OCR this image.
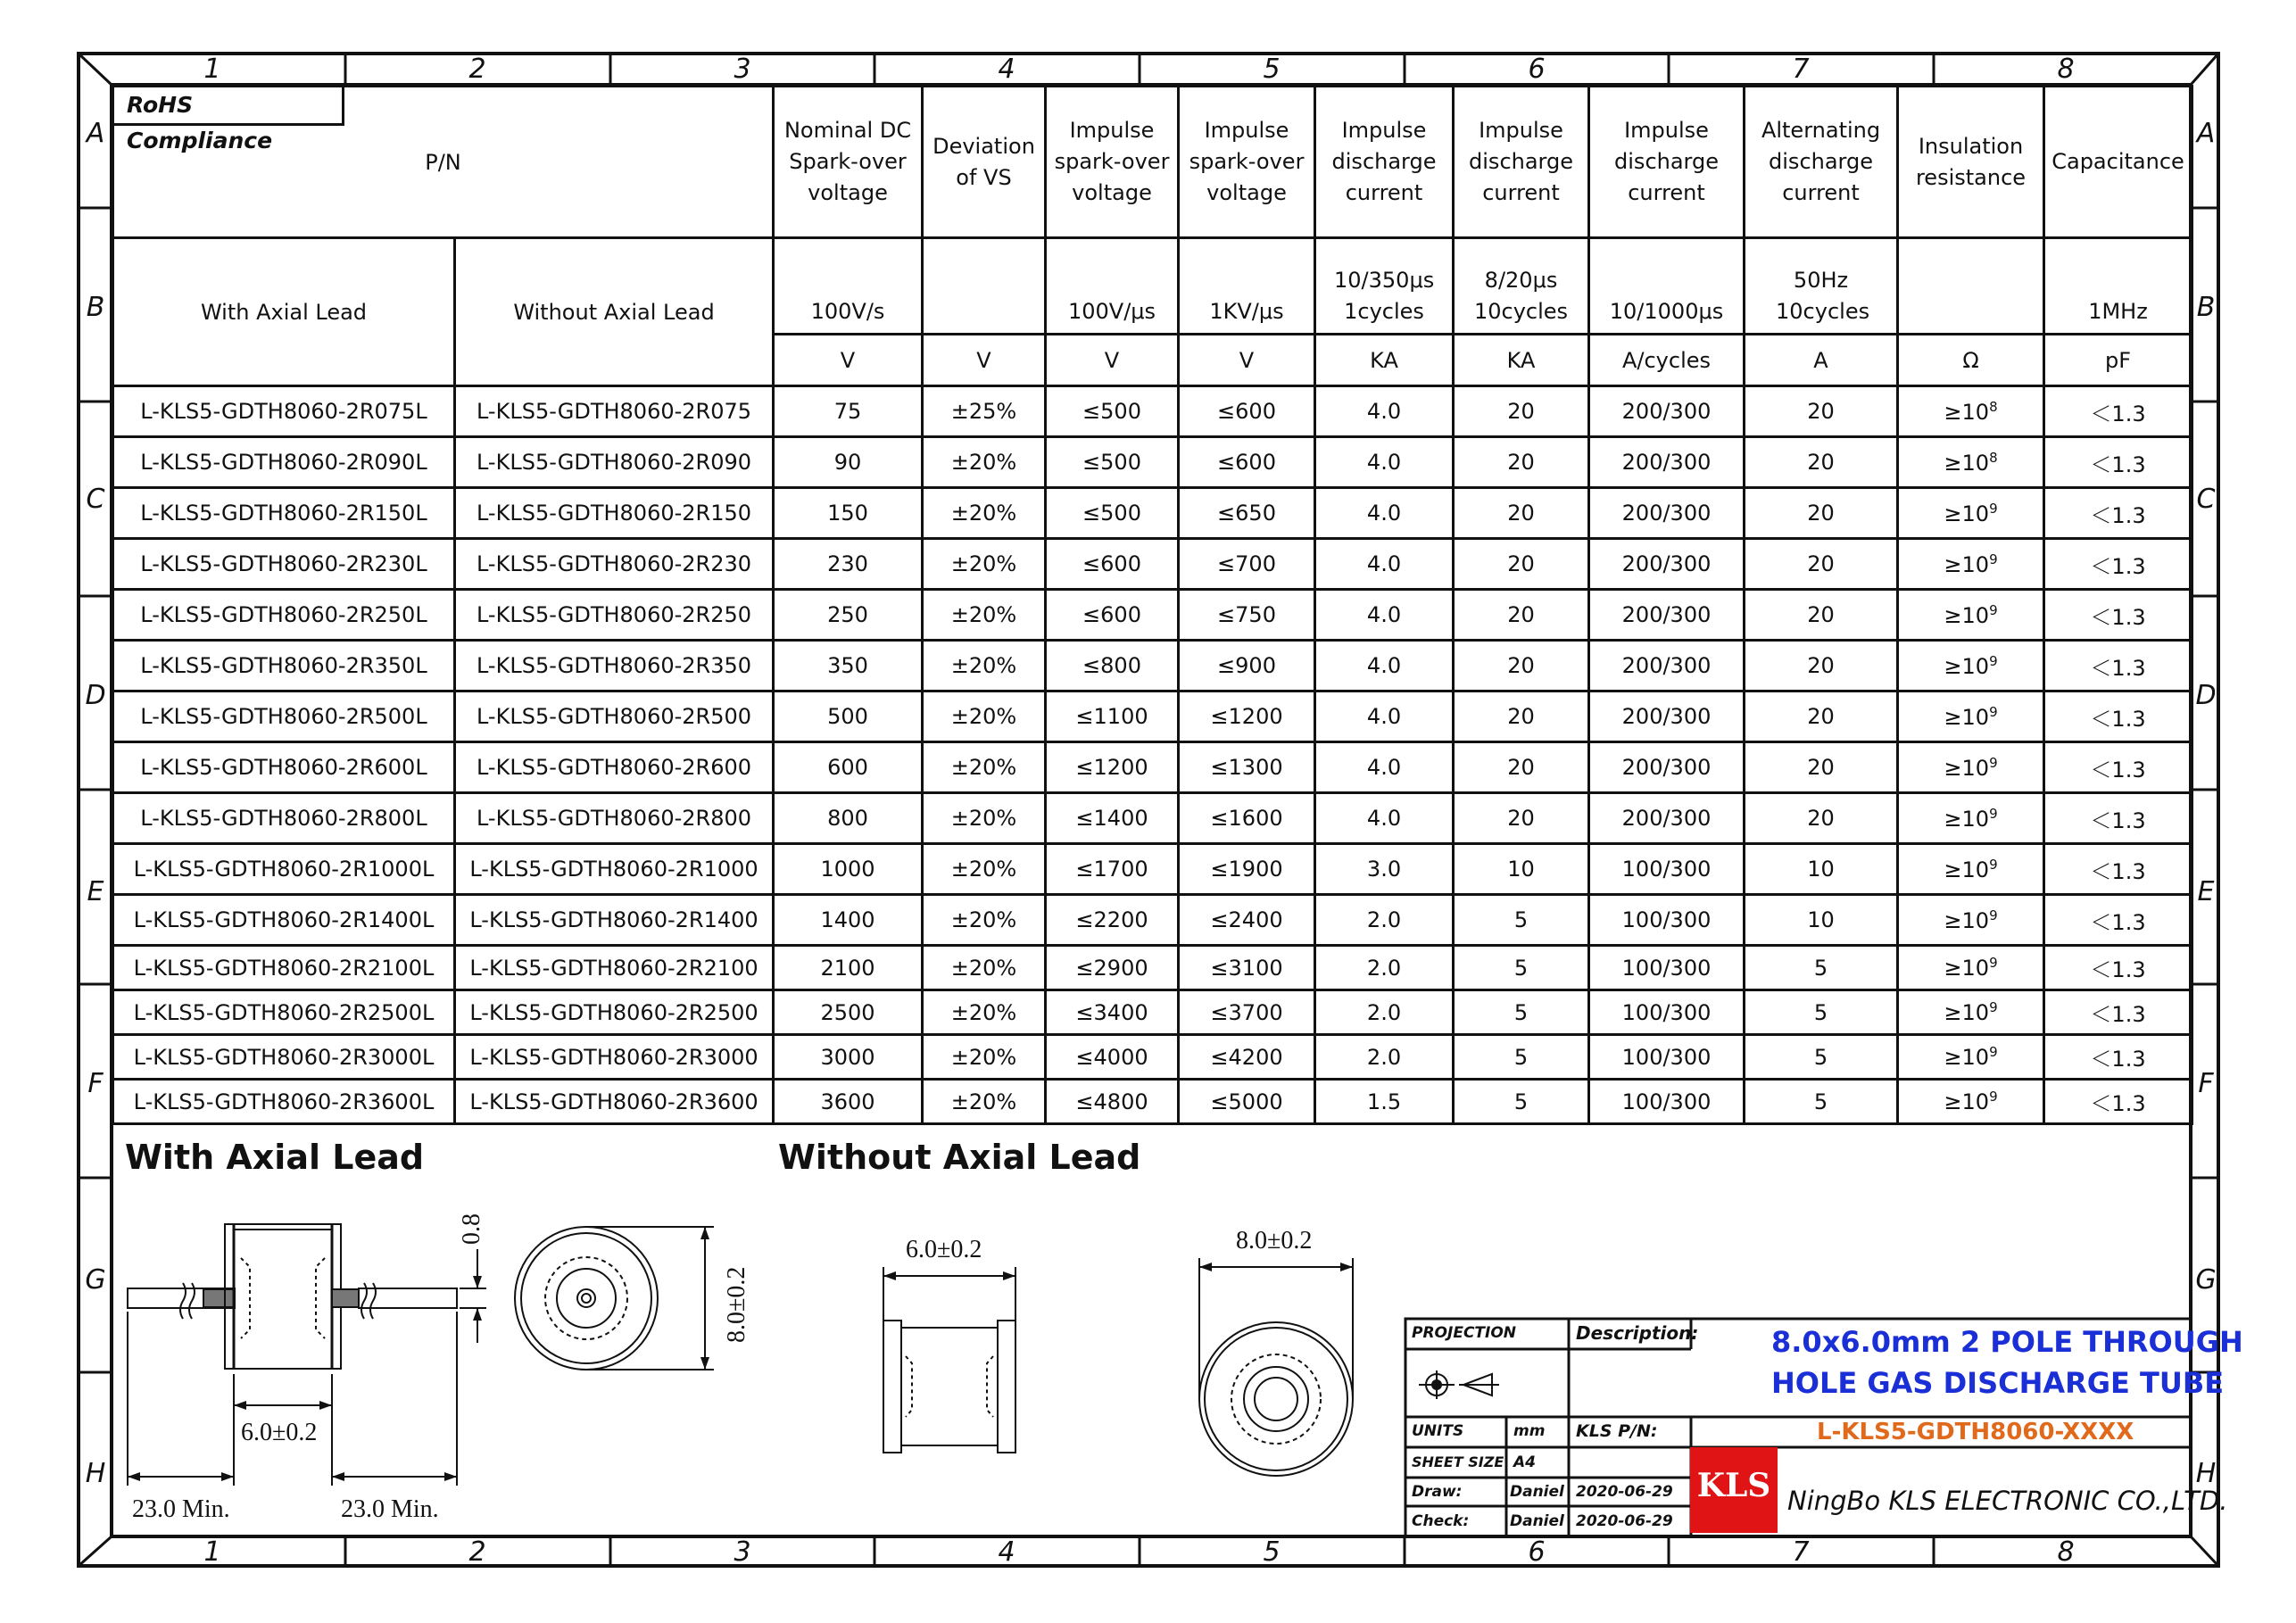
1	2	3	4	5	6	7	8
1	2	3	4	5	6	7	8
A
B
C
D
E
F
G
H
A
B
C
D
E
F
G
H
P/N		Nominal DC Spark-over voltage	Deviation of VS	Impulse spark-over voltage	Impulse spark-over voltage	Impulse discharge current	Impulse discharge current	Impulse discharge current	Alternating discharge current	Insulation resistance	Capacitance
With Axial Lead	Without Axial Lead	100V/s		100V/μs	1KV/μs	10/350μs 1cycles	8/20μs 10cycles	10/1000μs	50Hz 10cycles		1MHz
		V	V	V	V	KA	KA	A/cycles	A	Ω	pF
L-KLS5-GDTH8060-2R075L	L-KLS5-GDTH8060-2R075	75	±25%	≤500	≤600	4.0	20	200/300	20	$\ge 10^8$	＜1.3
L-KLS5-GDTH8060-2R090L	L-KLS5-GDTH8060-2R090	90	±20%	≤500	≤600	4.0	20	200/300	20	$\ge 10^8$	＜1.3
L-KLS5-GDTH8060-2R150L	L-KLS5-GDTH8060-2R150	150	±20%	≤500	≤650	4.0	20	200/300	20	$\ge 10^9$	＜1.3
L-KLS5-GDTH8060-2R230L	L-KLS5-GDTH8060-2R230	230	±20%	≤600	≤700	4.0	20	200/300	20	$\ge 10^9$	＜1.3
L-KLS5-GDTH8060-2R250L	L-KLS5-GDTH8060-2R250	250	±20%	≤600	≤750	4.0	20	200/300	20	$\ge 10^9$	＜1.3
L-KLS5-GDTH8060-2R350L	L-KLS5-GDTH8060-2R350	350	±20%	≤800	≤900	4.0	20	200/300	20	$\ge 10^9$	＜1.3
L-KLS5-GDTH8060-2R500L	L-KLS5-GDTH8060-2R500	500	±20%	≤1100	≤1200	4.0	20	200/300	20	$\ge 10^9$	＜1.3
L-KLS5-GDTH8060-2R600L	L-KLS5-GDTH8060-2R600	600	±20%	≤1200	≤1300	4.0	20	200/300	20	$\ge 10^9$	＜1.3
L-KLS5-GDTH8060-2R800L	L-KLS5-GDTH8060-2R800	800	±20%	≤1400	≤1600	4.0	20	200/300	20	$\ge 10^9$	＜1.3
L-KLS5-GDTH8060-2R1000L	L-KLS5-GDTH8060-2R1000	1000	±20%	≤1700	≤1900	3.0	10	100/300	10	$\ge 10^9$	＜1.3
L-KLS5-GDTH8060-2R1400L	L-KLS5-GDTH8060-2R1400	1400	±20%	≤2200	≤2400	2.0	5	100/300	10	$\ge 10^9$	＜1.3
L-KLS5-GDTH8060-2R2100L	L-KLS5-GDTH8060-2R2100	2100	±20%	≤2900	≤3100	2.0	5	100/300	5	$\ge 10^9$	＜1.3
L-KLS5-GDTH8060-2R2500L	L-KLS5-GDTH8060-2R2500	2500	±20%	≤3400	≤3700	2.0	5	100/300	5	$\ge 10^9$	＜1.3
L-KLS5-GDTH8060-2R3000L	L-KLS5-GDTH8060-2R3000	3000	±20%	≤4000	≤4200	2.0	5	100/300	5	$\ge 10^9$	＜1.3
L-KLS5-GDTH8060-2R3600L	L-KLS5-GDTH8060-2R3600	3600	±20%	≤4800	≤5000	1.5	5	100/300	5	$\ge 10^9$	＜1.3
RoHS Compliance
With Axial Lead	Without Axial Lead
6.0±0.2
23.0 Min.	23.0 Min.
0.8
8.0±0.2
6.0±0.2	8.0±0.2
PROJECTION	Description:	8.0x6.0mm 2 POLE THROUGH
HOLE GAS DISCHARGE TUBE
UNITS	mm KLS P/N:	L-KLS5-GDTH8060-XXXX
SHEET SIZE A4
Draw:	Daniel 2020-06-29
Check:	Daniel 2020-06-29
KLS NingBo KLS ELECTRONIC CO.,LTD.
